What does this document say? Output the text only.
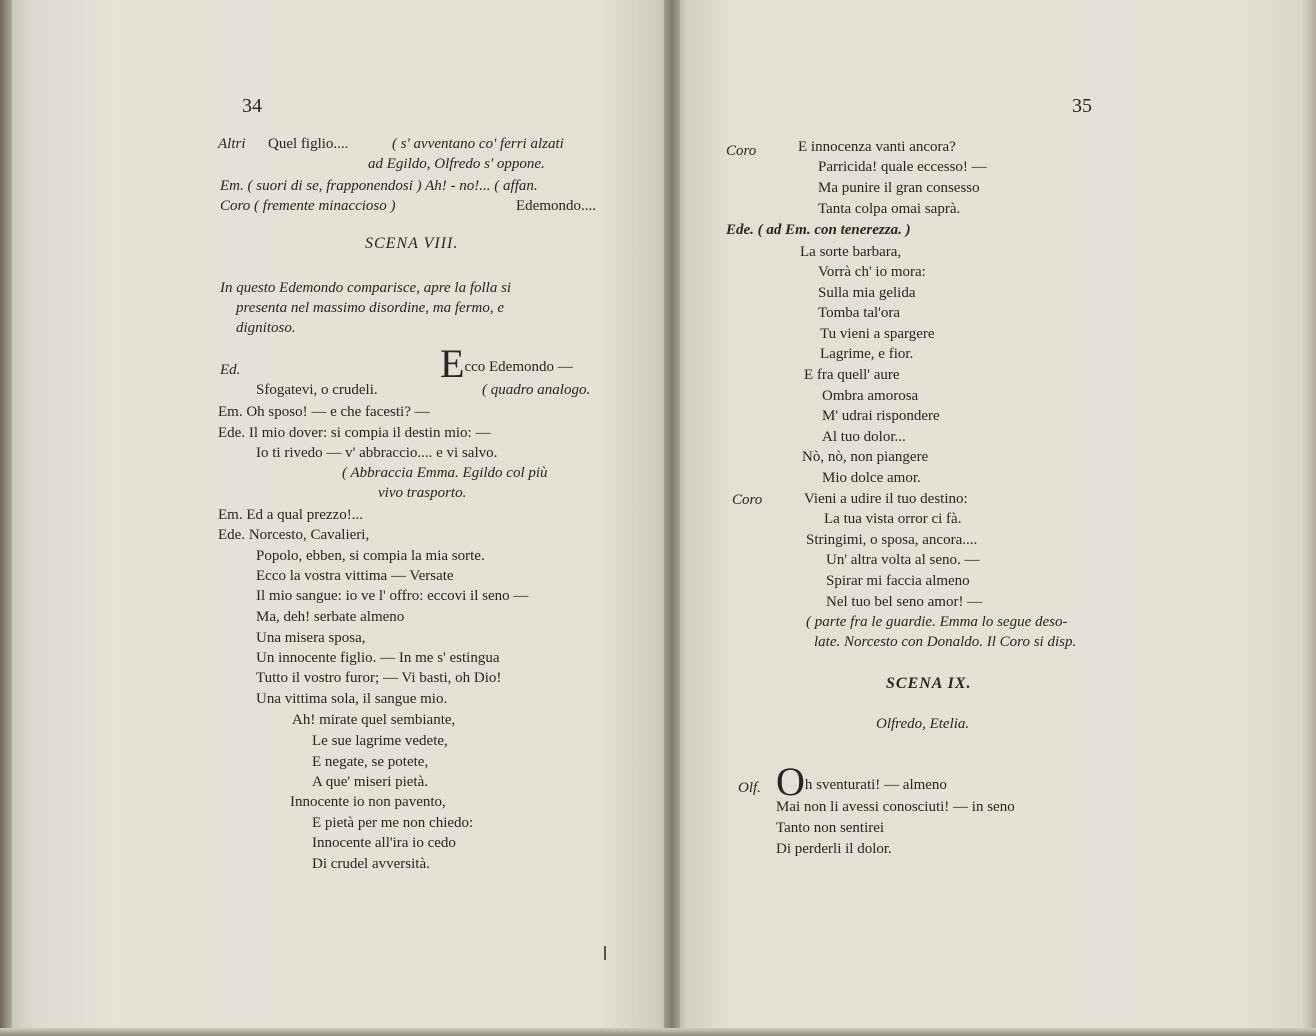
34
Ecco Edemondo —
Altri Quel figlio....	( s' avventano co' ferri alzati
ad Egildo, Olfredo s' oppone.
Em. ( suori di se, frapponendosi ) Ah! - no!... ( affan.
Coro ( fremente minaccioso )	Edemondo....
SCENA VIII.
In questo Edemondo comparisce, apre la folla si
presenta nel massimo disordine, ma fermo, e
dignitoso.
Ed.
Sfogatevi, o crudeli.	( quadro analogo.
Em. Oh sposo! — e che facesti? —
Ede. Il mio dover: si compia il destin mio: —
Io ti rivedo — v' abbraccio.... e vi salvo.
( Abbraccia Emma. Egildo col più
vivo trasporto.
Em. Ed a qual prezzo!...
Ede. Norcesto, Cavalieri,
Popolo, ebben, si compia la mia sorte.
Ecco la vostra vittima — Versate
Il mio sangue: io ve l' offro: eccovi il seno —
Ma, deh! serbate almeno
Una misera sposa,
Un innocente figlio. — In me s' estingua
Tutto il vostro furor; — Vi basti, oh Dio!
Una vittima sola, il sangue mio.
Ah! mirate quel sembiante,
Le sue lagrime vedete,
E negate, se potete,
A que' miseri pietà.
Innocente io non pavento,
E pietà per me non chiedo:
Innocente all'ira io cedo
Di crudel avversità.
35
Oh sventurati! — almeno
Coro	E innocenza vanti ancora?
Parricida! quale eccesso! —
Ma punire il gran consesso
Tanta colpa omai saprà.
Ede. ( ad Em. con tenerezza. )
La sorte barbara,
Vorrà ch' io mora:
Sulla mia gelida
Tomba tal'ora
Tu vieni a spargere
Lagrime, e fior.
E fra quell' aure
Ombra amorosa
M' udrai rispondere
Al tuo dolor...
Nò, nò, non piangere
Mio dolce amor.
Coro	Vieni a udire il tuo destino:
La tua vista orror ci fà.
Stringimi, o sposa, ancora....
Un' altra volta al seno. —
Spirar mi faccia almeno
Nel tuo bel seno amor! —
( parte fra le guardie. Emma lo segue deso-
late. Norcesto con Donaldo. Il Coro si disp.
SCENA IX.
Olfredo, Etelia.
Olf.
Mai non li avessi conosciuti! — in seno
Tanto non sentirei
Di perderli il dolor.
